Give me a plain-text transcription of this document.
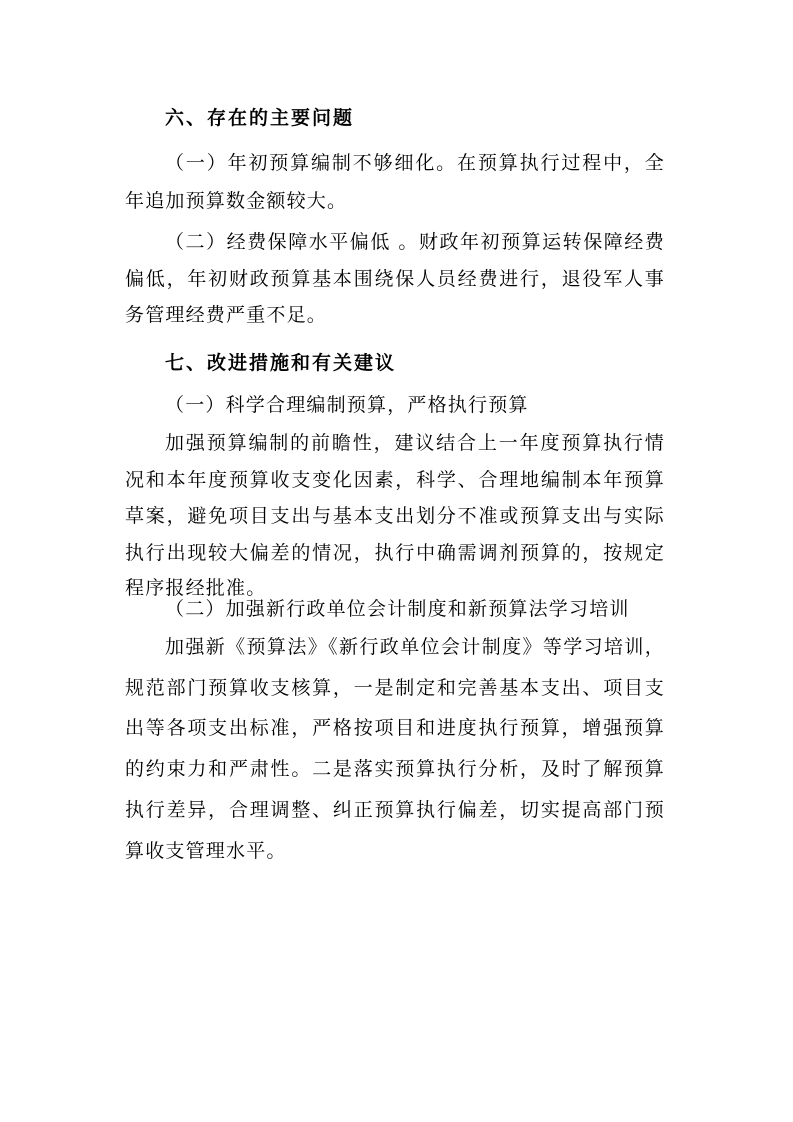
六、存在的主要问题
（一）年初预算编制不够细化。在预算执行过程中，全
年追加预算数金额较大。
（二）经费保障水平偏低 。财政年初预算运转保障经费
偏低，年初财政预算基本围绕保人员经费进行，退役军人事
务管理经费严重不足。
七、改进措施和有关建议
（一）科学合理编制预算，严格执行预算
加强预算编制的前瞻性，建议结合上一年度预算执行情
况和本年度预算收支变化因素，科学、合理地编制本年预算
草案，避免项目支出与基本支出划分不准或预算支出与实际
执行出现较大偏差的情况，执行中确需调剂预算的，按规定
程序报经批准。
（二）加强新行政单位会计制度和新预算法学习培训
加强新《预算法》《新行政单位会计制度》等学习培训，
规范部门预算收支核算，一是制定和完善基本支出、项目支
出等各项支出标准，严格按项目和进度执行预算，增强预算
的约束力和严肃性。二是落实预算执行分析，及时了解预算
执行差异，合理调整、纠正预算执行偏差，切实提高部门预
算收支管理水平。
